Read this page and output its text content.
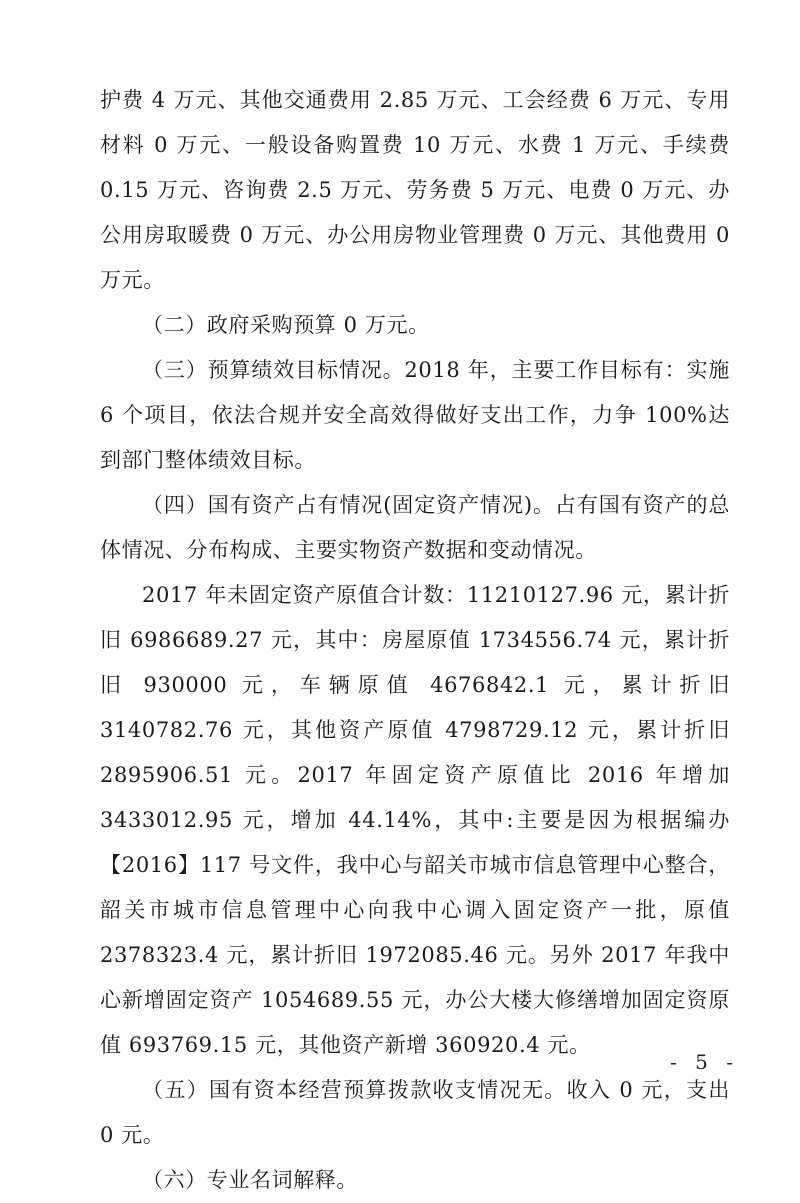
护费 4 万元、其他交通费用 2.85 万元、工会经费 6 万元、专用材料 0 万元、一般设备购置费 10 万元、水费 1 万元、手续费 0.15 万元、咨询费 2.5 万元、劳务费 5 万元、电费 0 万元、办公用房取暖费 0 万元、办公用房物业管理费 0 万元、其他费用 0 万元。

（二）政府采购预算 0 万元。

（三）预算绩效目标情况。2018 年，主要工作目标有：实施 6 个项目，依法合规并安全高效得做好支出工作，力争 100%达到部门整体绩效目标。

（四）国有资产占有情况(固定资产情况)。占有国有资产的总体情况、分布构成、主要实物资产数据和变动情况。

2017 年未固定资产原值合计数：11210127.96 元，累计折旧 6986689.27 元，其中：房屋原值 1734556.74 元，累计折旧 930000 元，车辆原值 4676842.1 元，累计折旧 3140782.76 元，其他资产原值 4798729.12 元，累计折旧 2895906.51 元。2017 年固定资产原值比 2016 年增加 3433012.95 元，增加 44.14%，其中:主要是因为根据编办【2016】117 号文件，我中心与韶关市城市信息管理中心整合，韶关市城市信息管理中心向我中心调入固定资产一批，原值 2378323.4 元，累计折旧 1972085.46 元。另外 2017 年我中心新增固定资产 1054689.55 元，办公大楼大修缮增加固定资原值 693769.15 元，其他资产新增 360920.4 元。

（五）国有资本经营预算拨款收支情况无。收入 0 元，支出 0 元。

（六）专业名词解释。

- 5 -
